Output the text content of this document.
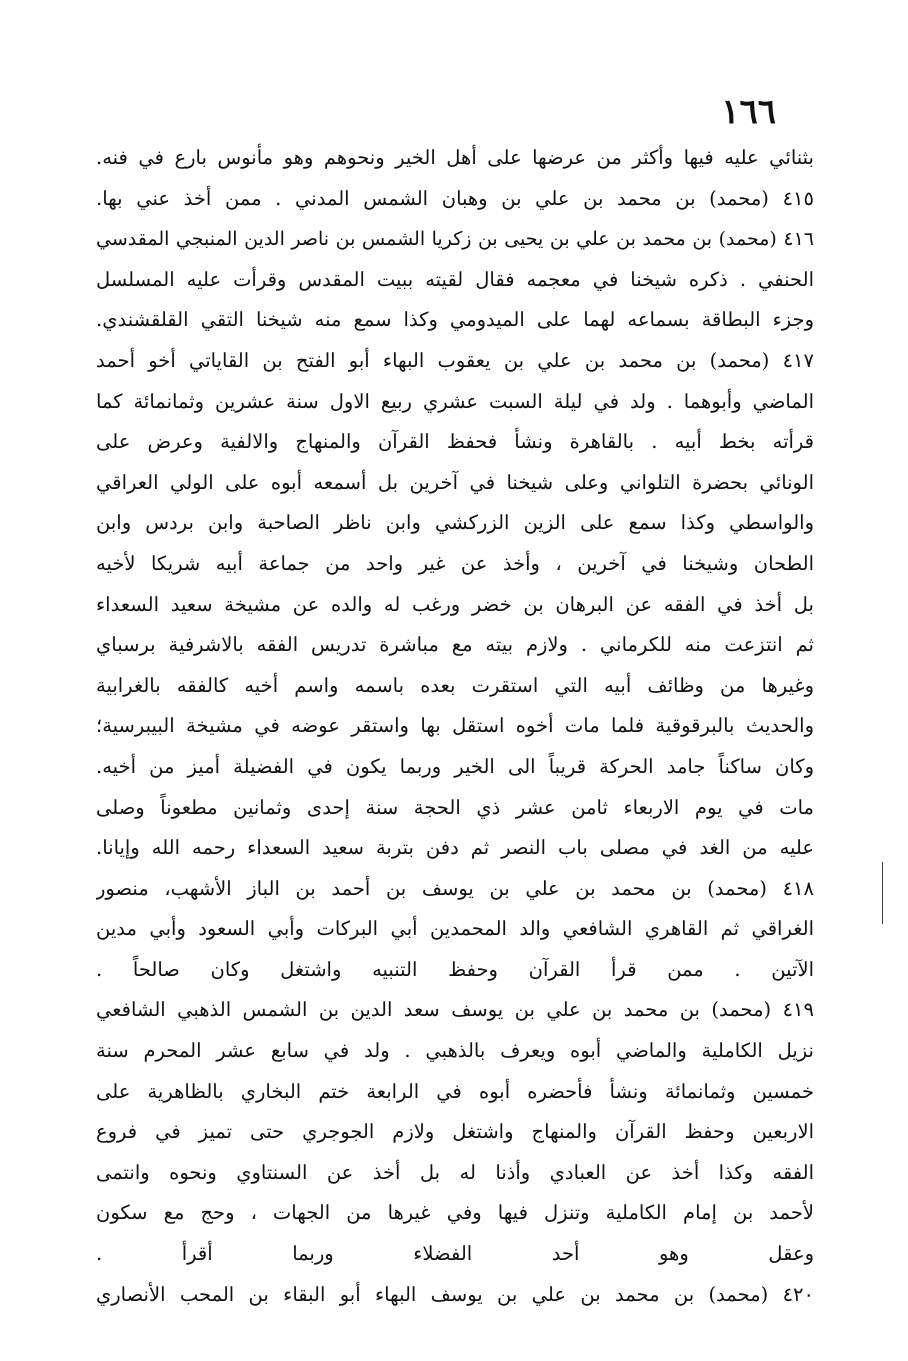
١٦٦
بثنائي عليه فيها وأكثر من عرضها على أهل الخير ونحوهم وهو مأنوس بارع في فنه.
٤١٥ (محمد) بن محمد بن علي بن وهبان الشمس المدني . ممن أخذ عني بها.
٤١٦ (محمد) بن محمد بن علي بن يحيى بن زكريا الشمس بن ناصر الدين المنبجي المقدسي
الحنفي . ذكره شيخنا في معجمه فقال لقيته ببيت المقدس وقرأت عليه المسلسل
وجزء البطاقة بسماعه لهما على الميدومي وكذا سمع منه شيخنا التقي القلقشندي.
٤١٧ (محمد) بن محمد بن علي بن يعقوب البهاء أبو الفتح بن القاياتي أخو أحمد
الماضي وأبوهما . ولد في ليلة السبت عشري ربيع الاول سنة عشرين وثمانمائة كما
قرأته بخط أبيه . بالقاهرة ونشأ فحفظ القرآن والمنهاج والالفية وعرض على
الونائي بحضرة التلواني وعلى شيخنا في آخرين بل أسمعه أبوه على الولي العراقي
والواسطي وكذا سمع على الزين الزركشي وابن ناظر الصاحبة وابن بردس وابن
الطحان وشيخنا في آخرين ، وأخذ عن غير واحد من جماعة أبيه شريكا لأخيه
بل أخذ في الفقه عن البرهان بن خضر ورغب له والده عن مشيخة سعيد السعداء
ثم انتزعت منه للكرماني . ولازم بيته مع مباشرة تدريس الفقه بالاشرفية برسباي
وغيرها من وظائف أبيه التي استقرت بعده باسمه واسم أخيه كالفقه بالغرابية
والحديث بالبرقوقية فلما مات أخوه استقل بها واستقر عوضه في مشيخة البيبرسية؛
وكان ساكناً جامد الحركة قريباً الى الخير وربما يكون في الفضيلة أميز من أخيه.
مات في يوم الاربعاء ثامن عشر ذي الحجة سنة إحدى وثمانين مطعوناً وصلى
عليه من الغد في مصلى باب النصر ثم دفن بتربة سعيد السعداء رحمه الله وإيانا.
٤١٨ (محمد) بن محمد بن علي بن يوسف بن أحمد بن الباز الأشهب، منصور
الغراقي ثم القاهري الشافعي والد المحمدين أبي البركات وأبي السعود وأبي مدين
الآتين . ممن قرأ القرآن وحفظ التنبيه واشتغل وكان صالحاً .
٤١٩ (محمد) بن محمد بن علي بن يوسف سعد الدين بن الشمس الذهبي الشافعي
نزيل الكاملية والماضي أبوه ويعرف بالذهبي . ولد في سابع عشر المحرم سنة
خمسين وثمانمائة ونشأ فأحضره أبوه في الرابعة ختم البخاري بالظاهرية على
الاربعين وحفظ القرآن والمنهاج واشتغل ولازم الجوجري حتى تميز في فروع
الفقه وكذا أخذ عن العبادي وأذنا له بل أخذ عن السنتاوي ونحوه وانتمى
لأحمد بن إمام الكاملية وتنزل فيها وفي غيرها من الجهات ، وحج مع سكون
وعقل وهو أحد الفضلاء وربما أقرأ .
٤٢٠ (محمد) بن محمد بن علي بن يوسف البهاء أبو البقاء بن المحب الأنصاري
